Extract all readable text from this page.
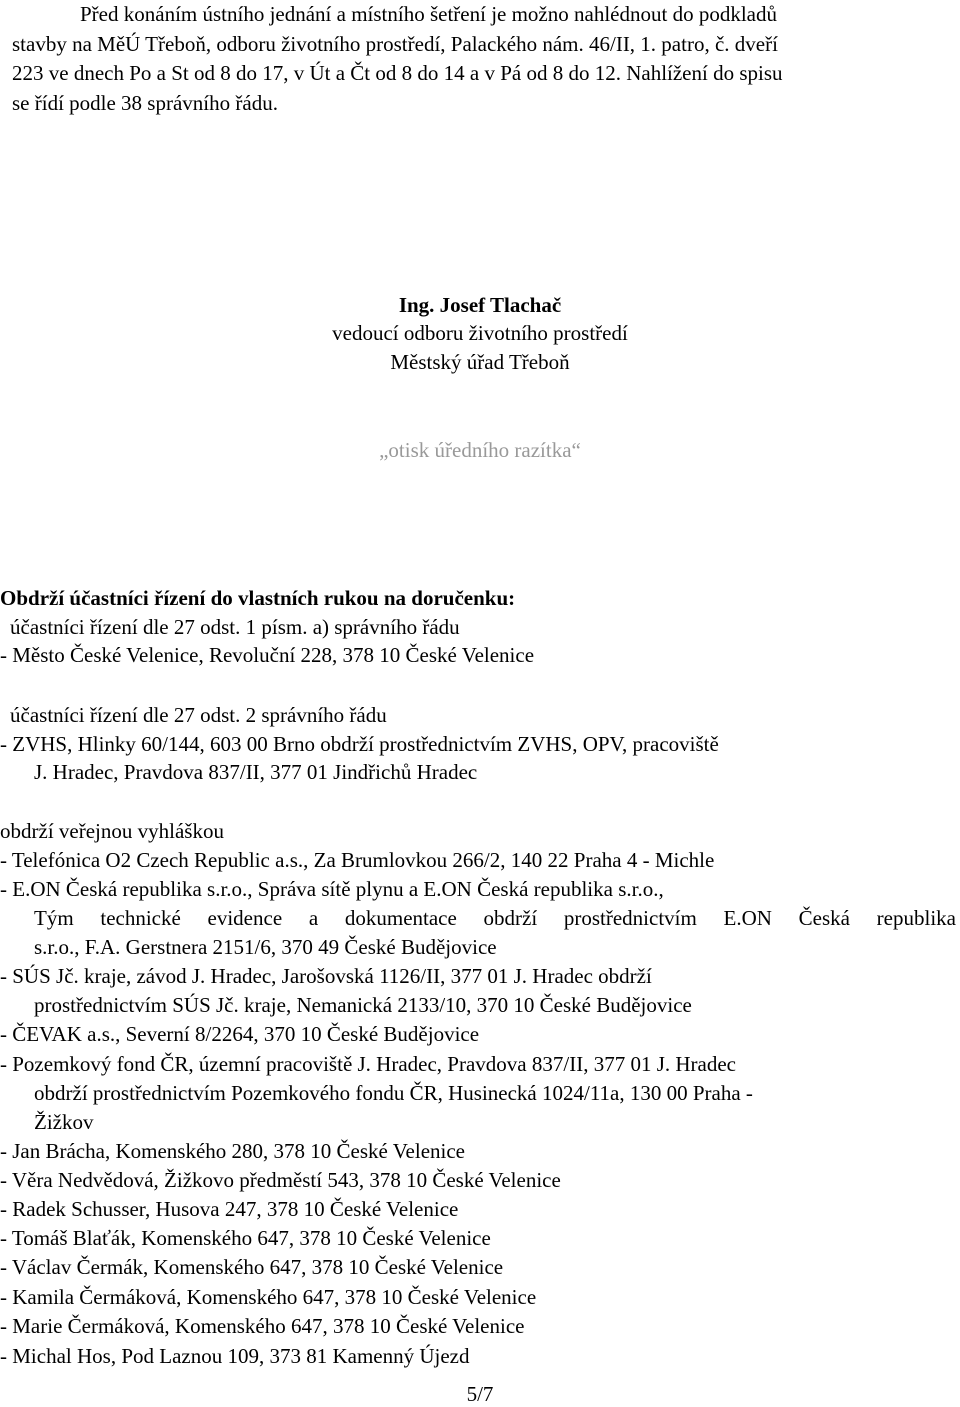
Před konáním ústního jednání a místního šetření je možno nahlédnout do podkladů
stavby na MěÚ Třeboň, odboru životního prostředí, Palackého nám. 46/II, 1. patro, č. dveří
223 ve dnech Po a St od 8 do 17, v Út a Čt od 8 do 14 a v Pá od 8 do 12. Nahlížení do spisu
se řídí podle 38 správního řádu.
Ing. Josef Tlachač
vedoucí odboru životního prostředí
Městský úřad Třeboň
„otisk úředního razítka“
Obdrží účastníci řízení do vlastních rukou na doručenku:
účastníci řízení dle 27 odst. 1 písm. a) správního řádu
- Město České Velenice, Revoluční 228, 378 10 České Velenice
účastníci řízení dle 27 odst. 2 správního řádu
- ZVHS, Hlinky 60/144, 603 00 Brno obdrží prostřednictvím ZVHS, OPV, pracoviště
J. Hradec, Pravdova 837/II, 377 01 Jindřichů Hradec
obdrží veřejnou vyhláškou
- Telefónica O2 Czech Republic a.s., Za Brumlovkou 266/2, 140 22 Praha 4 - Michle
- E.ON Česká republika s.r.o., Správa sítě plynu a E.ON Česká republika s.r.o.,
Tým technické evidence a dokumentace obdrží prostřednictvím E.ON Česká republika
s.r.o., F.A. Gerstnera 2151/6, 370 49 České Budějovice
- SÚS Jč. kraje, závod J. Hradec, Jarošovská 1126/II, 377 01 J. Hradec obdrží
prostřednictvím SÚS Jč. kraje, Nemanická 2133/10, 370 10 České Budějovice
- ČEVAK a.s., Severní 8/2264, 370 10 České Budějovice
- Pozemkový fond ČR, územní pracoviště J. Hradec, Pravdova 837/II, 377 01 J. Hradec
obdrží prostřednictvím Pozemkového fondu ČR, Husinecká 1024/11a, 130 00 Praha -
Žižkov
- Jan Brácha, Komenského 280, 378 10 České Velenice
- Věra Nedvědová, Žižkovo předměstí 543, 378 10 České Velenice
- Radek Schusser, Husova 247, 378 10 České Velenice
- Tomáš Blaťák, Komenského 647, 378 10 České Velenice
- Václav Čermák, Komenského 647, 378 10 České Velenice
- Kamila Čermáková, Komenského 647, 378 10 České Velenice
- Marie Čermáková, Komenského 647, 378 10 České Velenice
- Michal Hos, Pod Laznou 109, 373 81 Kamenný Újezd
5/7
